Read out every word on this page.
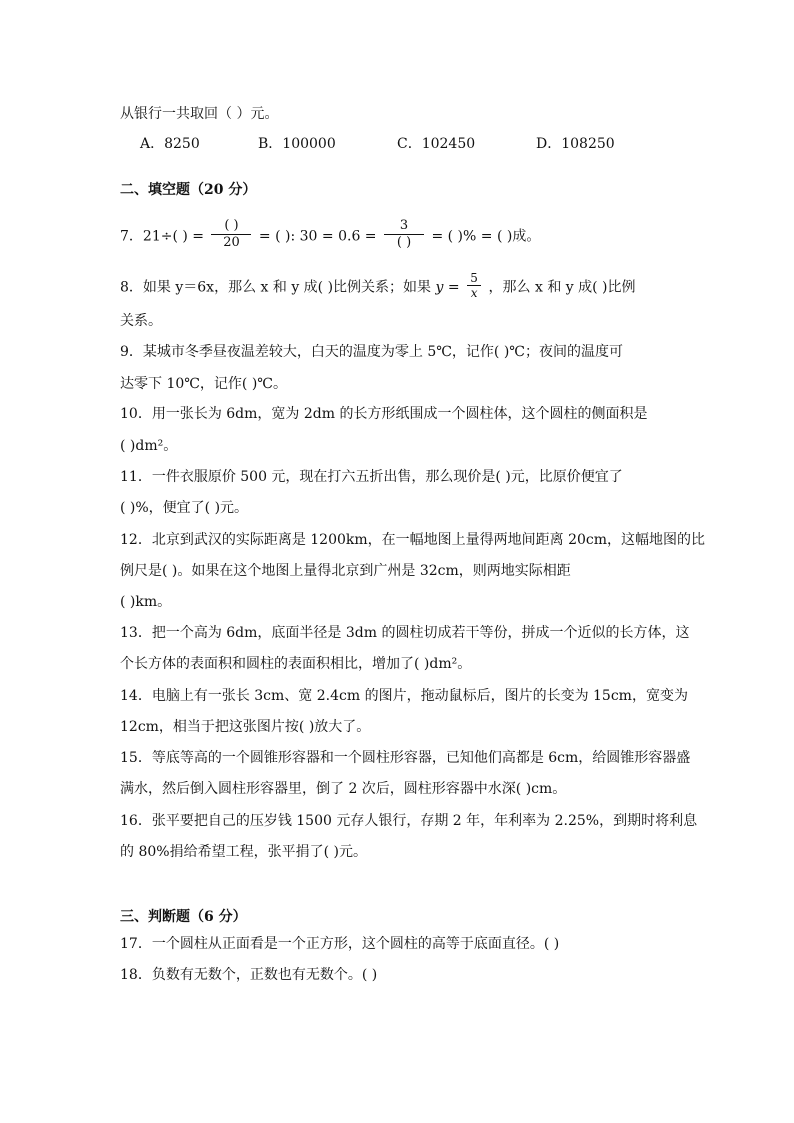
从银行一共取回（ ）元。
A．8250	B．100000	C．102450	D．108250
二、填空题（20 分）
7．21÷( ) = $\frac{( )}{20}$ = ( ): $30 = 0.6 = \frac{3}{( )}$ = ( )% = ( )成。
8．如果 y＝6x，那么 x 和 y 成( )比例关系；如果 $y = \frac{5}{x}$ ，那么 x 和 y 成( )比例
关系。
9．某城市冬季昼夜温差较大，白天的温度为零上 5℃，记作( )℃；夜间的温度可
达零下 10℃，记作( )℃。
10．用一张长为 6dm，宽为 2dm 的长方形纸围成一个圆柱体，这个圆柱的侧面积是
( )dm²。
11．一件衣服原价 500 元，现在打六五折出售，那么现价是( )元，比原价便宜了
( )%，便宜了( )元。
12．北京到武汉的实际距离是 1200km，在一幅地图上量得两地间距离 20cm，这幅地图的比
例尺是( )。如果在这个地图上量得北京到广州是 32cm，则两地实际相距
( )km。
13．把一个高为 6dm，底面半径是 3dm 的圆柱切成若干等份，拼成一个近似的长方体，这
个长方体的表面积和圆柱的表面积相比，增加了( )dm²。
14．电脑上有一张长 3cm、宽 2.4cm 的图片，拖动鼠标后，图片的长变为 15cm，宽变为
12cm，相当于把这张图片按( )放大了。
15．等底等高的一个圆锥形容器和一个圆柱形容器，已知他们高都是 6cm，给圆锥形容器盛
满水，然后倒入圆柱形容器里，倒了 2 次后，圆柱形容器中水深( )cm。
16．张平要把自己的压岁钱 1500 元存人银行，存期 2 年，年利率为 2.25%，到期时将利息
的 80%捐给希望工程，张平捐了( )元。
三、判断题（6 分）
17．一个圆柱从正面看是一个正方形，这个圆柱的高等于底面直径。( )
18．负数有无数个，正数也有无数个。( )
